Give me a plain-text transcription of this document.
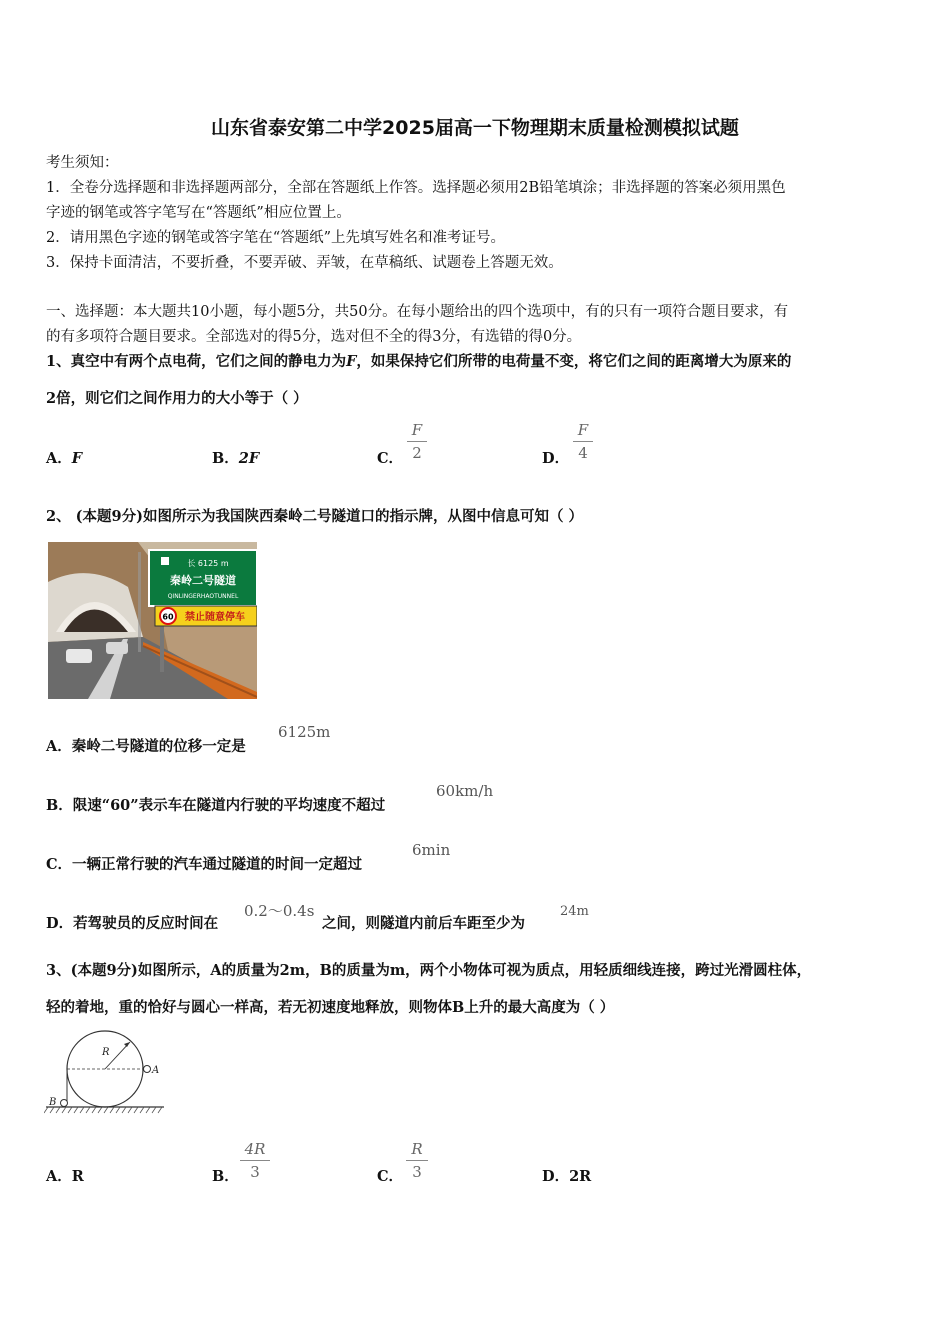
山东省泰安第二中学2025届高一下物理期末质量检测模拟试题
考生须知：
1．全卷分选择题和非选择题两部分，全部在答题纸上作答。选择题必须用2B铅笔填涂；非选择题的答案必须用黑色
字迹的钢笔或答字笔写在“答题纸”相应位置上。
2．请用黑色字迹的钢笔或答字笔在“答题纸”上先填写姓名和准考证号。
3．保持卡面清洁，不要折叠，不要弄破、弄皱，在草稿纸、试题卷上答题无效。
一、选择题：本大题共10小题，每小题5分，共50分。在每小题给出的四个选项中，有的只有一项符合题目要求，有
的有多项符合题目要求。全部选对的得5分，选对但不全的得3分，有选错的得0分。
1、真空中有两个点电荷，它们之间的静电力为F，如果保持它们所带的电荷量不变，将它们之间的距离增大为原来的
2倍，则它们之间作用力的大小等于（ ）
A．F	B．2F	C．
F
2	D．
F
4
2、 (本题9分)如图所示为我国陕西秦岭二号隧道口的指示牌，从图中信息可知（ ）
长 6125 m
秦岭二号隧道
QINLINGERHAOTUNNEL
60 禁止随意停车
A．秦岭二号隧道的位移一定是
6125m
B．限速“60”表示车在隧道内行驶的平均速度不超过
60km/h
C．一辆正常行驶的汽车通过隧道的时间一定超过
6min
D．若驾驶员的反应时间在
0.2～0.4s
之间，则隧道内前后车距至少为
24m
3、(本题9分)如图所示，A的质量为2m，B的质量为m，两个小物体可视为质点，用轻质细线连接，跨过光滑圆柱体，
轻的着地，重的恰好与圆心一样高，若无初速度地释放，则物体B上升的最大高度为（ ）
R
A
B
A．R	B．
4R
3	C．
R
3	D．2R
